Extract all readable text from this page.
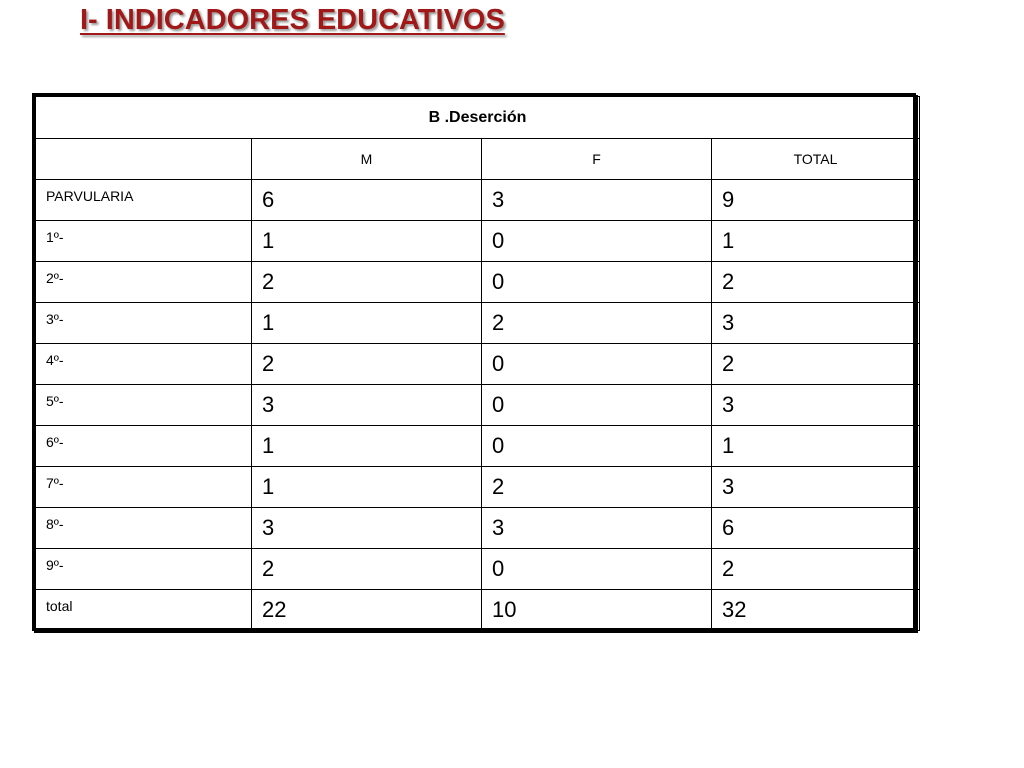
I- INDICADORES EDUCATIVOS
B .Deserción			
	M	F	TOTAL
PARVULARIA	6	3	9
1º-	1	0	1
2º-	2	0	2
3º-	1	2	3
4º-	2	0	2
5º-	3	0	3
6º-	1	0	1
7º-	1	2	3
8º-	3	3	6
9º-	2	0	2
total	22	10	32
